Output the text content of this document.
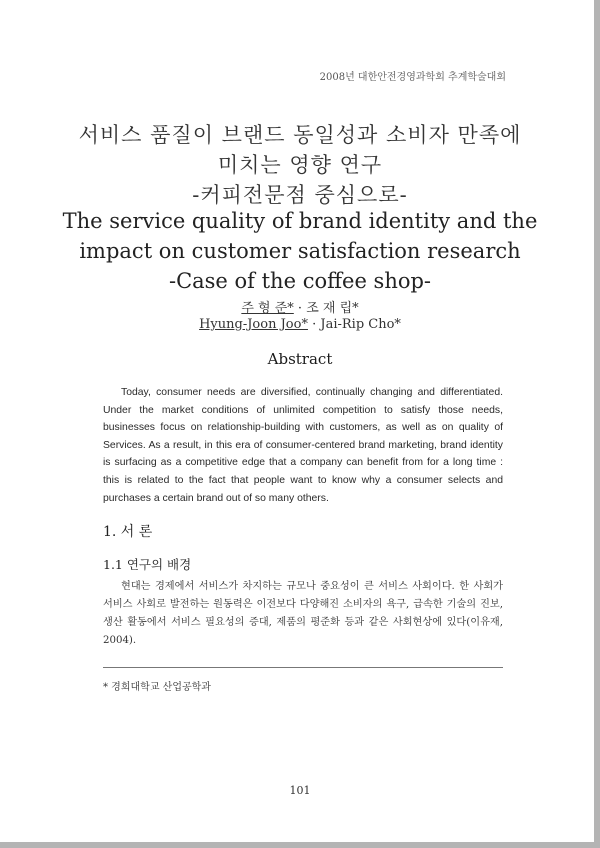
2008년 대한안전경영과학회 추계학술대회
서비스 품질이 브랜드 동일성과 소비자 만족에
미치는 영향 연구
-커피전문점 중심으로-
The service quality of brand identity and the
impact on customer satisfaction research
-Case of the coffee shop-
주 형 준* · 조 재 립*
Hyung-Joon Joo* · Jai-Rip Cho*
Abstract

Today, consumer needs are diversified, continually changing and differentiated. Under the market conditions of unlimited competition to satisfy those needs, businesses focus on relationship-building with customers, as well as on quality of Services. As a result, in this era of consumer-centered brand marketing, brand identity is surfacing as a competitive edge that a company can benefit from for a long time : this is related to the fact that people want to know why a consumer selects and purchases a certain brand out of so many others.

1. 서 론
1.1 연구의 배경

현대는 경제에서 서비스가 차지하는 규모나 중요성이 큰 서비스 사회이다. 한 사회가 서비스 사회로 발전하는 원동력은 이전보다 다양해진 소비자의 욕구, 급속한 기술의 진보, 생산 활동에서 서비스 필요성의 증대, 제품의 평준화 등과 같은 사회현상에 있다(이유재, 2004).

* 경희대학교 산업공학과
101
